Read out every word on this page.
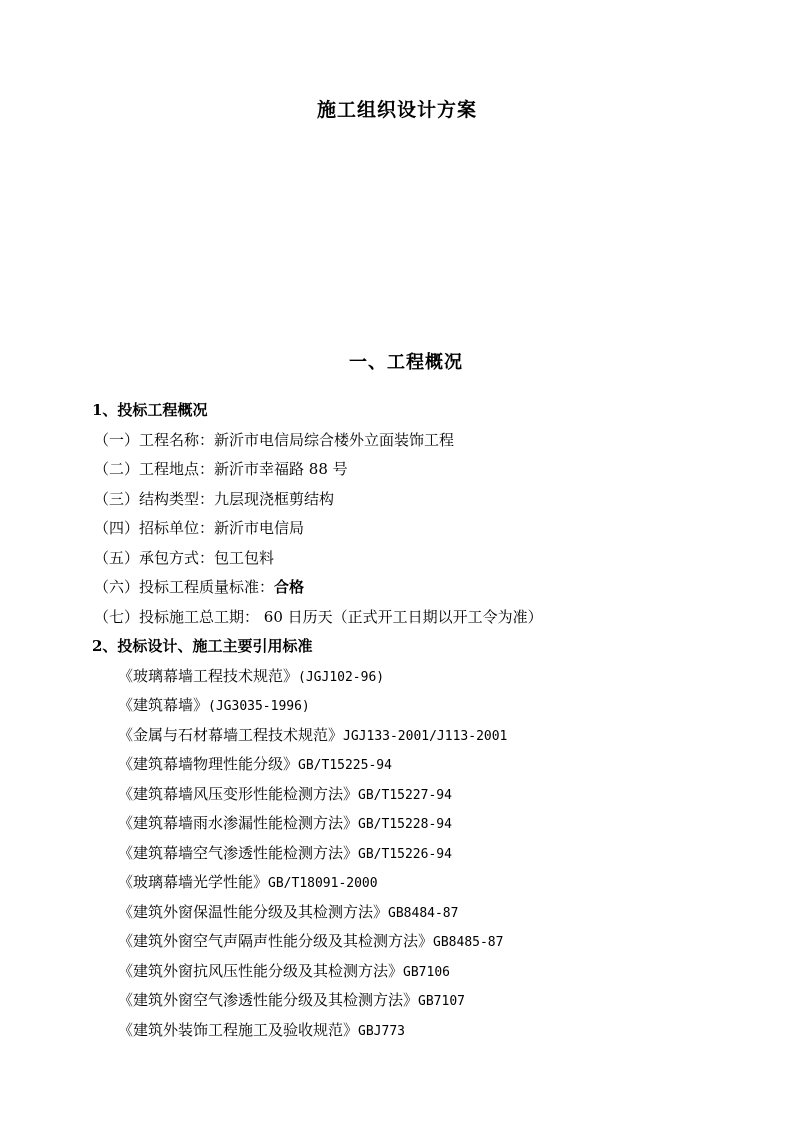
施工组织设计方案
一、工程概况
1、投标工程概况
（一）工程名称：新沂市电信局综合楼外立面装饰工程
（二）工程地点：新沂市幸福路 88 号
（三）结构类型：九层现浇框剪结构
（四）招标单位：新沂市电信局
（五）承包方式：包工包料
（六）投标工程质量标准：合格
（七）投标施工总工期： 60 日历天（正式开工日期以开工令为准）
2、投标设计、施工主要引用标准
《玻璃幕墙工程技术规范》(JGJ102-96)
《建筑幕墙》(JG3035-1996)
《金属与石材幕墙工程技术规范》JGJ133-2001/J113-2001
《建筑幕墙物理性能分级》GB/T15225-94
《建筑幕墙风压变形性能检测方法》GB/T15227-94
《建筑幕墙雨水渗漏性能检测方法》GB/T15228-94
《建筑幕墙空气渗透性能检测方法》GB/T15226-94
《玻璃幕墙光学性能》GB/T18091-2000
《建筑外窗保温性能分级及其检测方法》GB8484-87
《建筑外窗空气声隔声性能分级及其检测方法》GB8485-87
《建筑外窗抗风压性能分级及其检测方法》GB7106
《建筑外窗空气渗透性能分级及其检测方法》GB7107
《建筑外装饰工程施工及验收规范》GBJ773
